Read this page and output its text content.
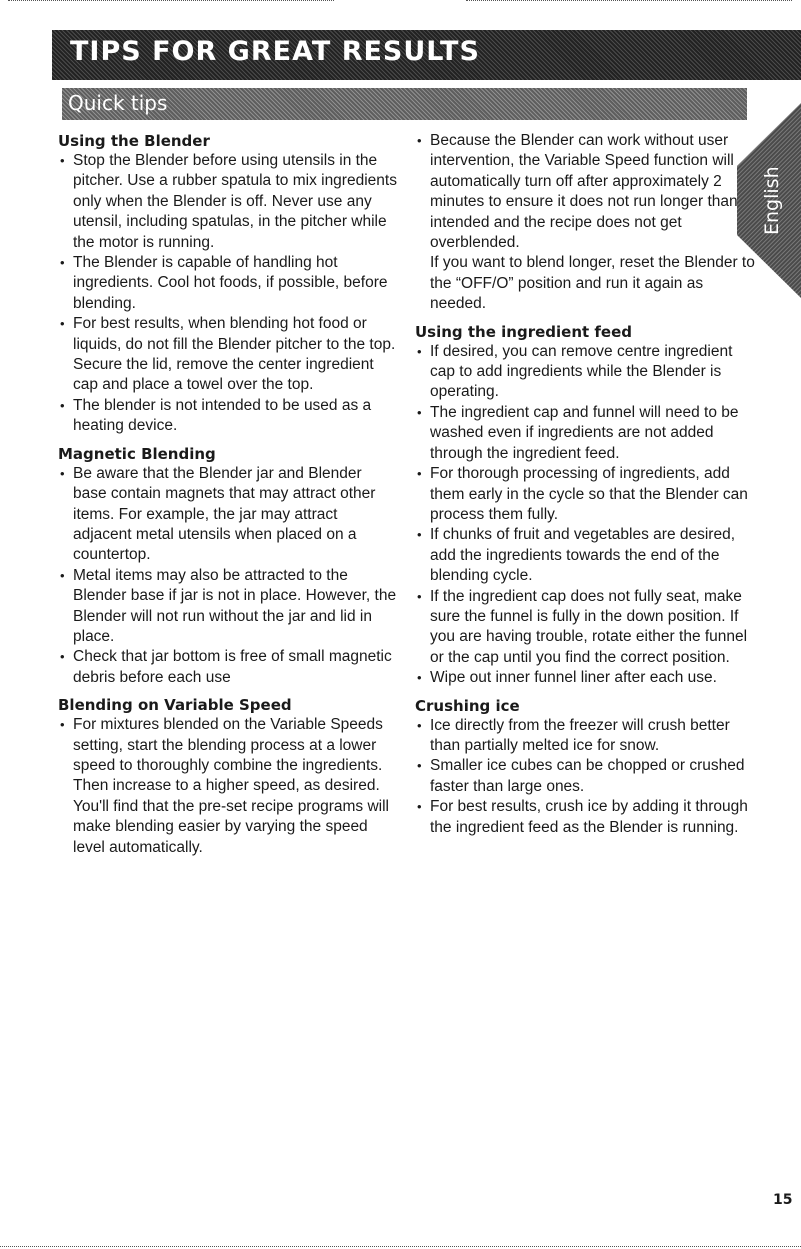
TIPS FOR GREAT RESULTS
Quick tips
English

Using the Blender

• Stop the Blender before using utensils in the pitcher. Use a rubber spatula to mix ingredients only when the Blender is off. Never use any utensil, including spatulas, in the pitcher while the motor is running.
• The Blender is capable of handling hot ingredients. Cool hot foods, if possible, before blending.
• For best results, when blending hot food or liquids, do not fill the Blender pitcher to the top. Secure the lid, remove the center ingredient cap and place a towel over the top.
• The blender is not intended to be used as a heating device.

Magnetic Blending

• Be aware that the Blender jar and Blender base contain magnets that may attract other items. For example, the jar may attract adjacent metal utensils when placed on a countertop.
• Metal items may also be attracted to the Blender base if jar is not in place. However, the Blender will not run without the jar and lid in place.
• Check that jar bottom is free of small magnetic debris before each use

Blending on Variable Speed

• For mixtures blended on the Variable Speeds setting, start the blending process at a lower speed to thoroughly combine the ingredients. Then increase to a higher speed, as desired. You'll find that the pre-set recipe programs will make blending easier by varying the speed level automatically.
• Because the Blender can work without user intervention, the Variable Speed function will automatically turn off after approximately 2 minutes to ensure it does not run longer than intended and the recipe does not get overblended.
If you want to blend longer, reset the Blender to the “OFF/O” position and run it again as needed.

Using the ingredient feed

• If desired, you can remove centre ingredient cap to add ingredients while the Blender is operating.
• The ingredient cap and funnel will need to be washed even if ingredients are not added through the ingredient feed.
• For thorough processing of ingredients, add them early in the cycle so that the Blender can process them fully.
• If chunks of fruit and vegetables are desired, add the ingredients towards the end of the blending cycle.
• If the ingredient cap does not fully seat, make sure the funnel is fully in the down position. If you are having trouble, rotate either the funnel or the cap until you find the correct position.
• Wipe out inner funnel liner after each use.

Crushing ice

• Ice directly from the freezer will crush better than partially melted ice for snow.
• Smaller ice cubes can be chopped or crushed faster than large ones.
• For best results, crush ice by adding it through the ingredient feed as the Blender is running.
15
